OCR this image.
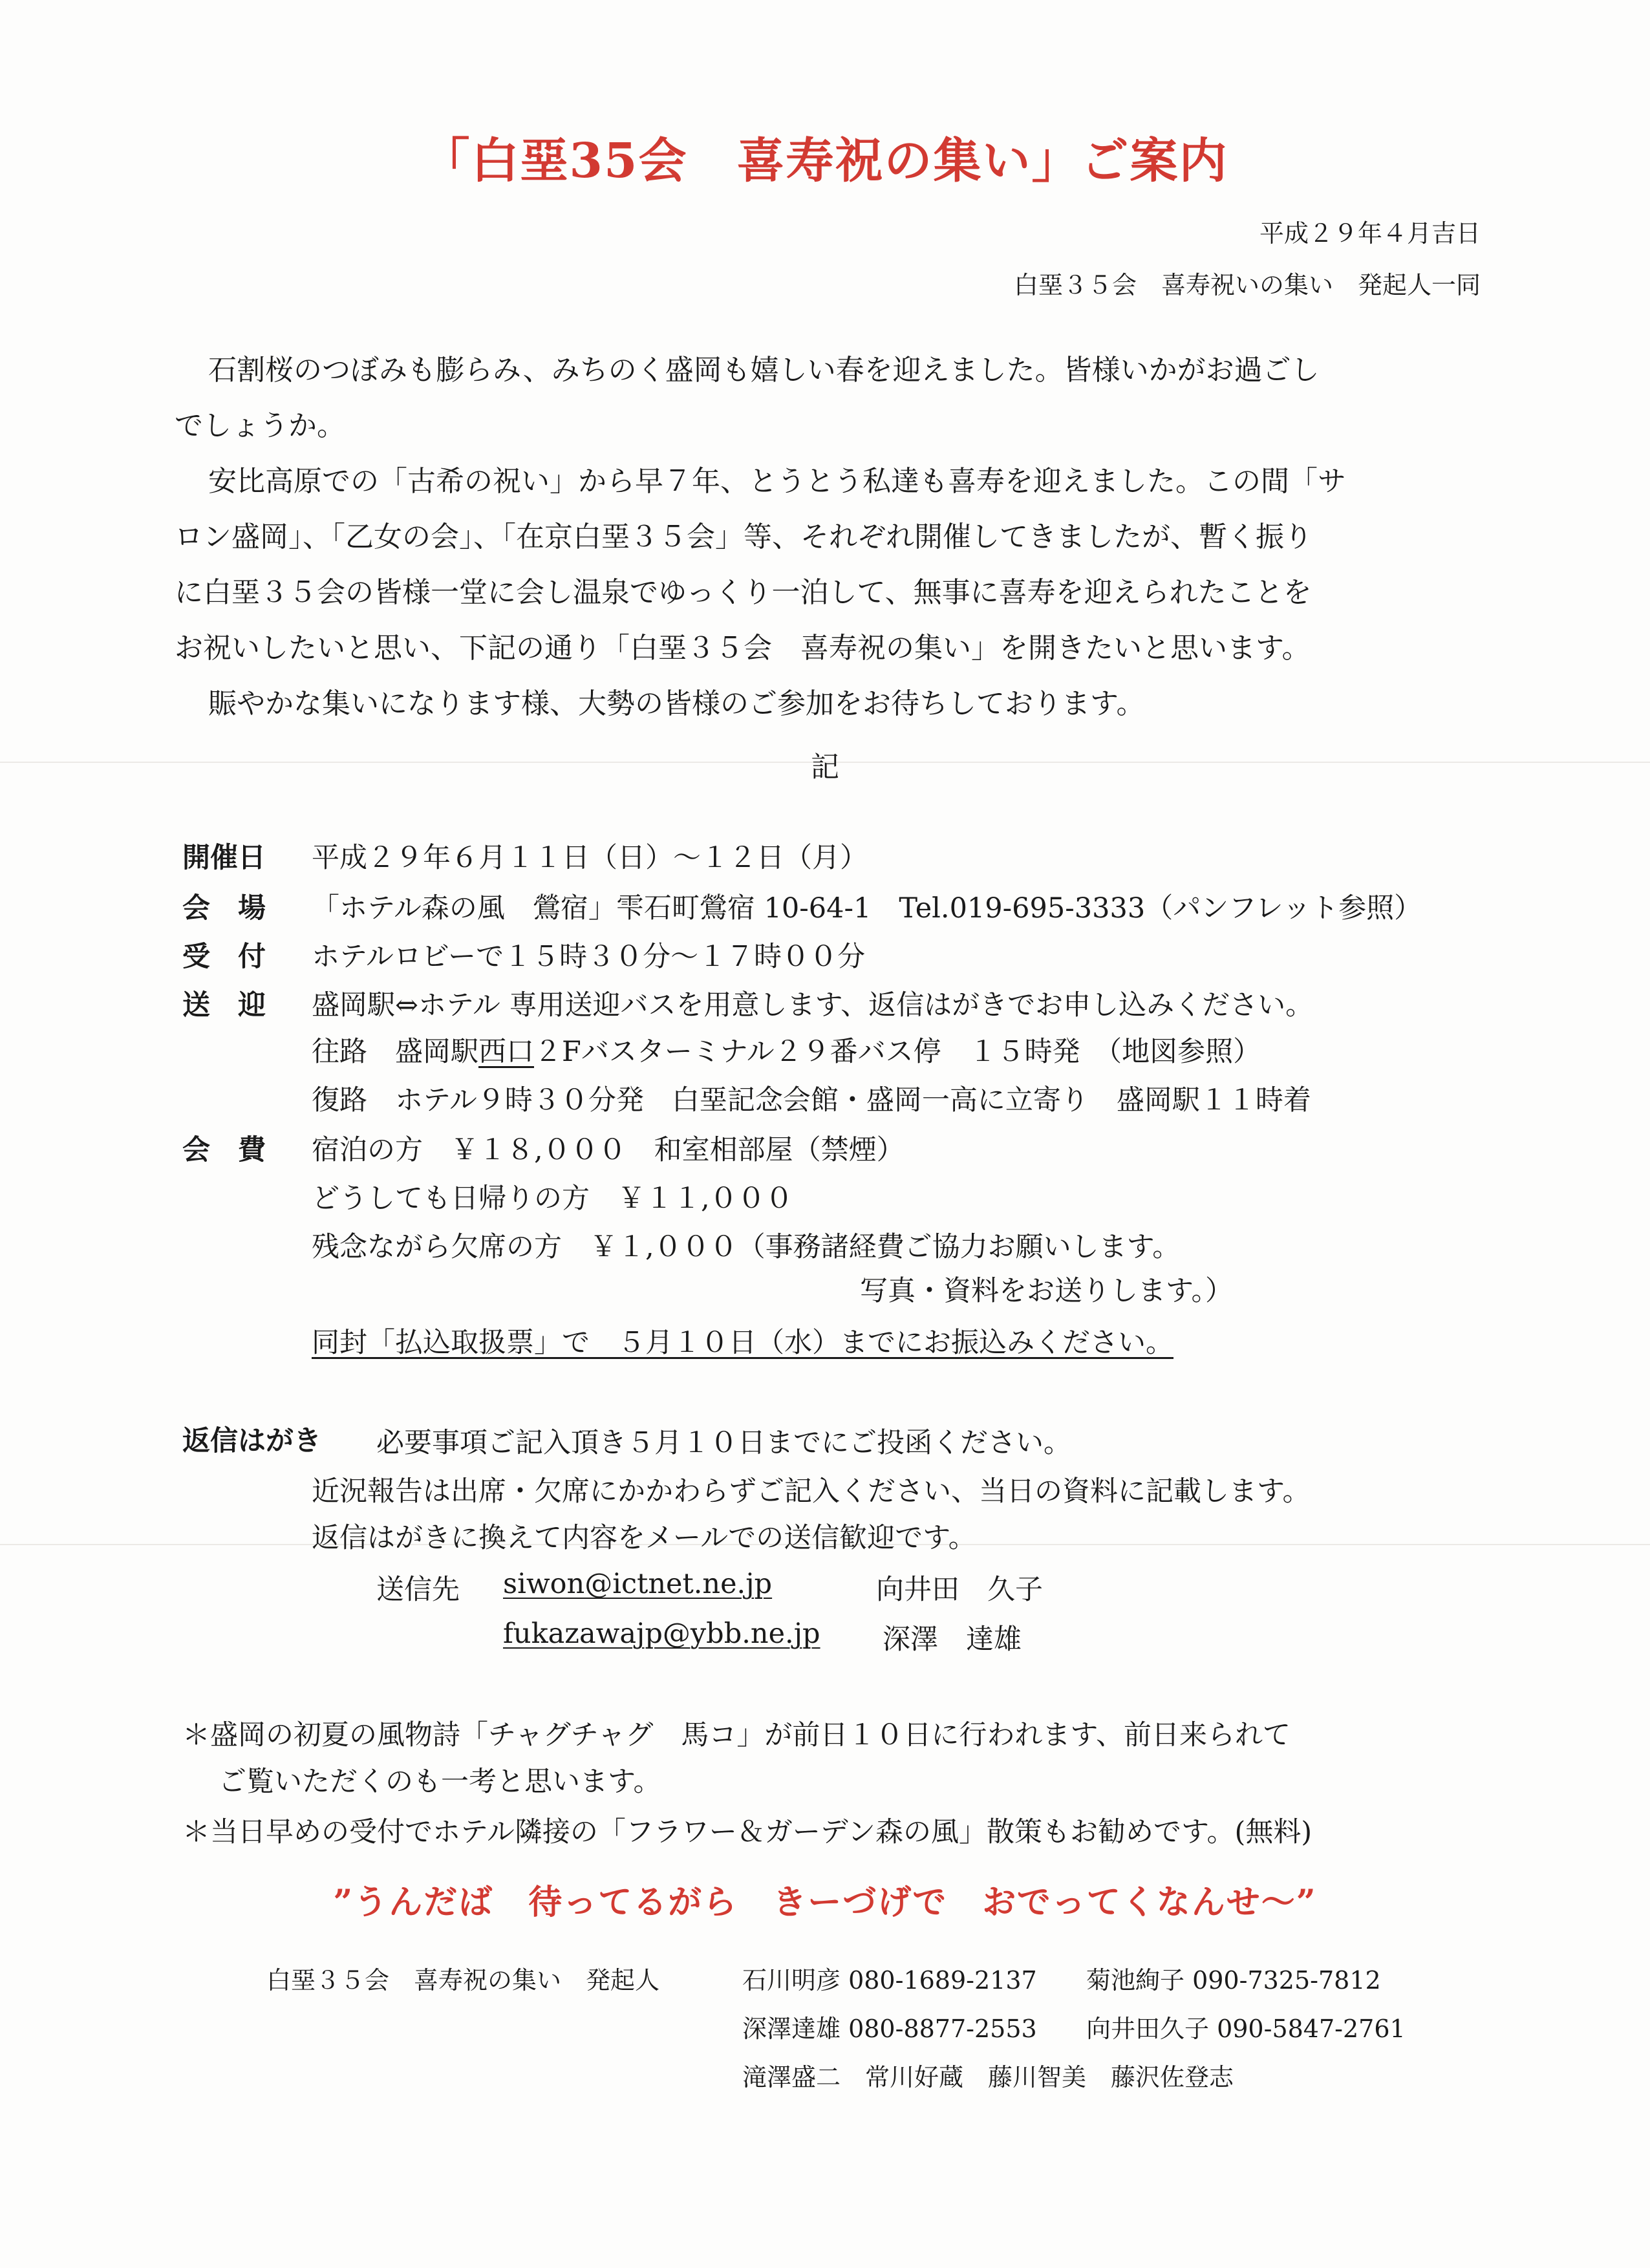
「白堊35会　喜寿祝の集い」ご案内
平成２９年４月吉日
白堊３５会　喜寿祝いの集い　発起人一同

石割桜のつぼみも膨らみ、みちのく盛岡も嬉しい春を迎えました。皆様いかがお過ごし

でしょうか。

安比高原での「古希の祝い」から早７年、とうとう私達も喜寿を迎えました。この間「サ

ロン盛岡」、「乙女の会」、「在京白堊３５会」等、それぞれ開催してきましたが、暫く振り

に白堊３５会の皆様一堂に会し温泉でゆっくり一泊して、無事に喜寿を迎えられたことを

お祝いしたいと思い、下記の通り「白堊３５会　喜寿祝の集い」を開きたいと思います。

賑やかな集いになります様、大勢の皆様のご参加をお待ちしております。

記
開催日 平成２９年６月１１日（日）～１２日（月）
会　場 「ホテル森の風　鶯宿」雫石町鶯宿 10-64-1　Tel.019-695-3333（パンフレット参照）
受　付 ホテルロビーで１５時３０分～１７時００分
送　迎 盛岡駅⇔ホテル 専用送迎バスを用意します、返信はがきでお申し込みください。
往路　盛岡駅西口２Fバスターミナル２９番バス停　１５時発　（地図参照）
復路　ホテル９時３０分発　白堊記念会館・盛岡一高に立寄り　盛岡駅１１時着
会　費 宿泊の方　￥１８,０００　和室相部屋（禁煙）
どうしても日帰りの方　￥１１,０００
残念ながら欠席の方　￥１,０００（事務諸経費ご協力お願いします。
写真・資料をお送りします。）
同封「払込取扱票」で　５月１０日（水）までにお振込みください。
返信はがき 必要事項ご記入頂き５月１０日までにご投函ください。
近況報告は出席・欠席にかかわらずご記入ください、当日の資料に記載します。
返信はがきに換えて内容をメールでの送信歓迎です。
送信先 siwon@ictnet.ne.jp	向井田　久子
fukazawajp@ybb.ne.jp 深澤　達雄
＊盛岡の初夏の風物詩「チャグチャグ　馬コ」が前日１０日に行われます、前日来られて
ご覧いただくのも一考と思います。
＊当日早めの受付でホテル隣接の「フラワー＆ガーデン森の風」散策もお勧めです。(無料)
”うんだば　待ってるがら　きーづげで　おでってくなんせ～”
白堊３５会　喜寿祝の集い　発起人	石川明彦 080-1689-2137 菊池絢子 090-7325-7812
深澤達雄 080-8877-2553 向井田久子 090-5847-2761
滝澤盛二　常川好蔵　藤川智美　藤沢佐登志
